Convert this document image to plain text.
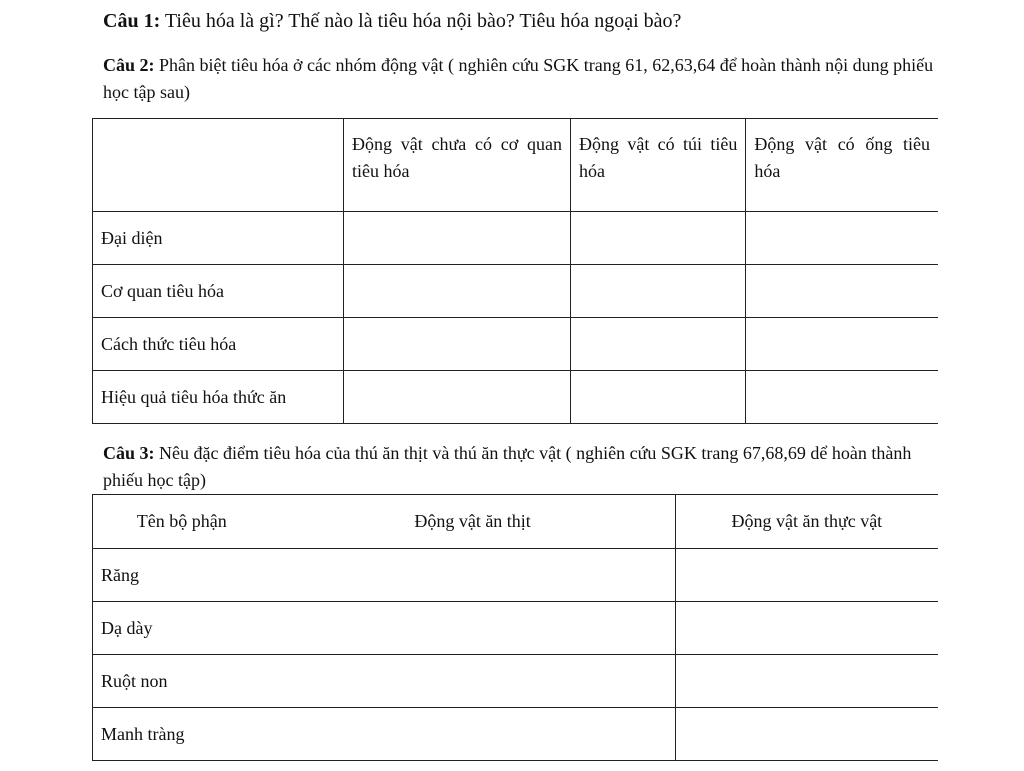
Câu 1: Tiêu hóa là gì? Thế nào là tiêu hóa nội bào? Tiêu hóa ngoại bào?

Câu 2: Phân biệt tiêu hóa ở các nhóm động vật ( nghiên cứu SGK trang 61, 62,63,64 để hoàn thành nội dung phiếu học tập sau)

	Động vật chưa có cơ quan tiêu hóa	Động vật có túi tiêu hóa	Động vật có ống tiêu hóa
Đại diện			
Cơ quan tiêu hóa			
Cách thức tiêu hóa			
Hiệu quả tiêu hóa thức ăn			

Câu 3: Nêu đặc điểm tiêu hóa của thú ăn thịt và thú ăn thực vật ( nghiên cứu SGK trang 67,68,69 dể hoàn thành phiếu học tập)

Tên bộ phận	Động vật ăn thịt	Động vật ăn thực vật
Răng		
Dạ dày		
Ruột non		
Manh tràng		
